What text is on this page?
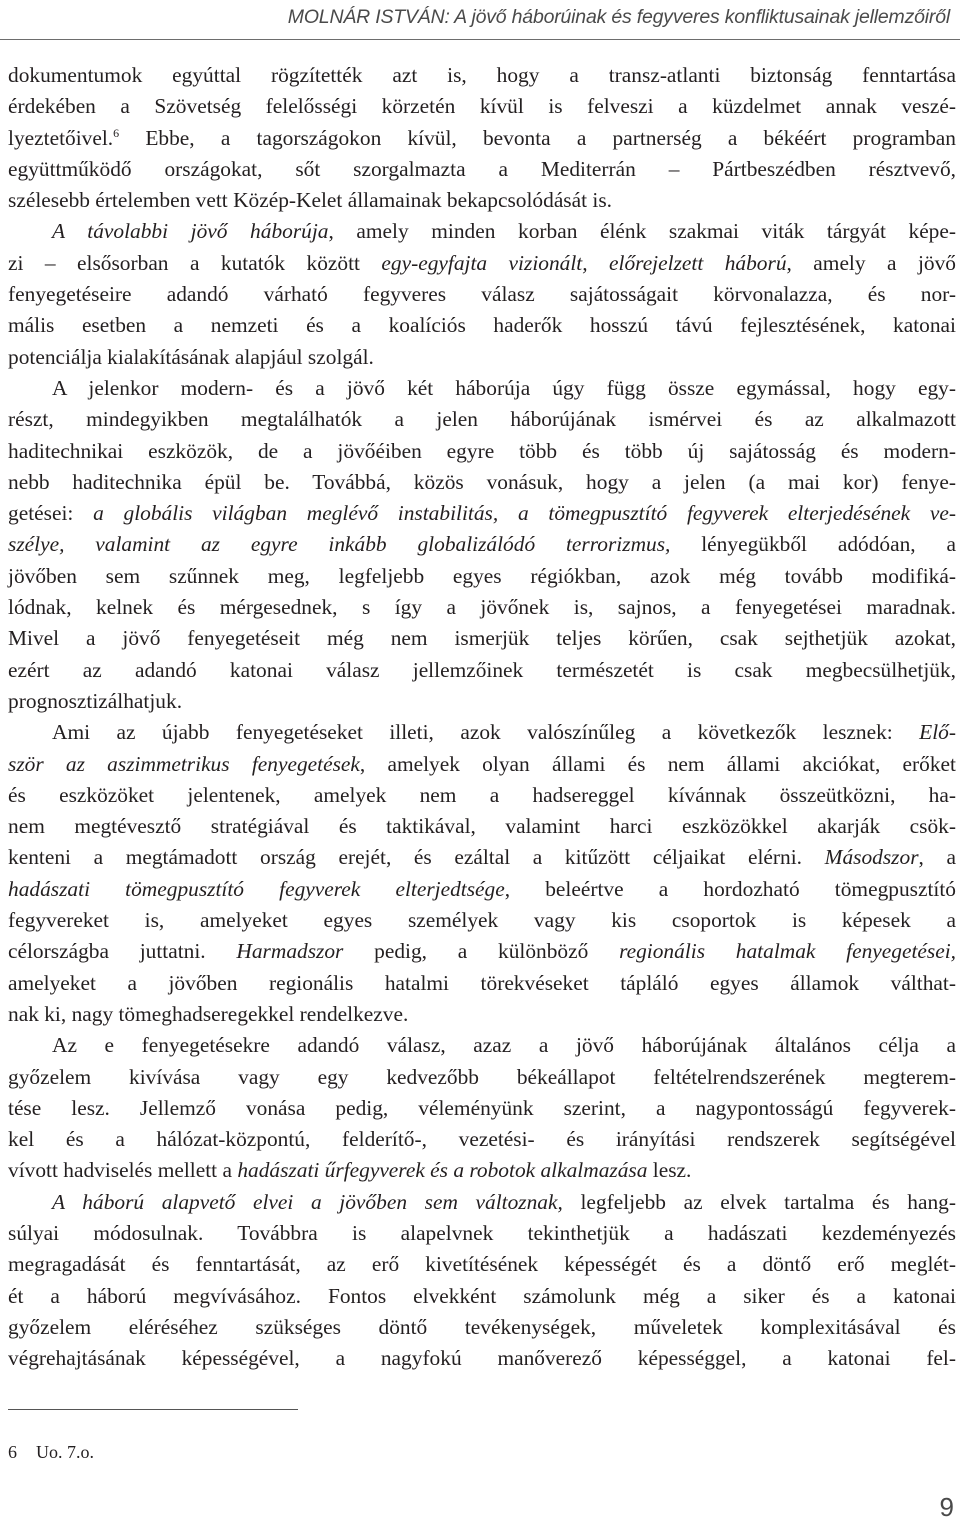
MOLNÁR ISTVÁN: A jövő háborúinak és fegyveres konfliktusainak jellemzőiről
dokumentumok egyúttal rögzítették azt is, hogy a transz-atlanti biztonság fenntartása
érdekében a Szövetség felelősségi körzetén kívül is felveszi a küzdelmet annak veszé-
lyeztetőivel.$^6$ Ebbe, a tagországokon kívül, bevonta a partnerség a békéért programban
együttműködő országokat, sőt szorgalmazta a Mediterrán – Pártbeszédben résztvevő,
szélesebb értelemben vett Közép-Kelet államainak bekapcsolódását is.
A távolabbi jövő háborúja, amely minden korban élénk szakmai viták tárgyát képe-
zi – elsősorban a kutatók között egy-egyfajta vizionált, előrejelzett háború, amely a jövő
fenyegetéseire adandó várható fegyveres válasz sajátosságait körvonalazza, és nor-
mális esetben a nemzeti és a koalíciós haderők hosszú távú fejlesztésének, katonai
potenciálja kialakításának alapjául szolgál.
A jelenkor modern- és a jövő két háborúja úgy függ össze egymással, hogy egy-
részt, mindegyikben megtalálhatók a jelen háborújának ismérvei és az alkalmazott
haditechnikai eszközök, de a jövőéiben egyre több és több új sajátosság és modern-
nebb haditechnika épül be. Továbbá, közös vonásuk, hogy a jelen (a mai kor) fenye-
getései: a globális világban meglévő instabilitás, a tömegpusztító fegyverek elterjedésének ve-
szélye, valamint az egyre inkább globalizálódó terrorizmus, lényegükből adódóan, a
jövőben sem szűnnek meg, legfeljebb egyes régiókban, azok még tovább modifiká-
lódnak, kelnek és mérgesednek, s így a jövőnek is, sajnos, a fenyegetései maradnak.
Mivel a jövő fenyegetéseit még nem ismerjük teljes körűen, csak sejthetjük azokat,
ezért az adandó katonai válasz jellemzőinek természetét is csak megbecsülhetjük,
prognosztizálhatjuk.
Ami az újabb fenyegetéseket illeti, azok valószínűleg a következők lesznek: Elő-
ször az aszimmetrikus fenyegetések, amelyek olyan állami és nem állami akciókat, erőket
és eszközöket jelentenek, amelyek nem a hadsereggel kívánnak összeütközni, ha-
nem megtévesztő stratégiával és taktikával, valamint harci eszközökkel akarják csök-
kenteni a megtámadott ország erejét, és ezáltal a kitűzött céljaikat elérni. Másodszor, a
hadászati tömegpusztító fegyverek elterjedtsége, beleértve a hordozható tömegpusztító
fegyvereket is, amelyeket egyes személyek vagy kis csoportok is képesek a
célországba juttatni. Harmadszor pedig, a különböző regionális hatalmak fenyegetései,
amelyeket a jövőben regionális hatalmi törekvéseket tápláló egyes államok válthat-
nak ki, nagy tömeghadseregekkel rendelkezve.
Az e fenyegetésekre adandó válasz, azaz a jövő háborújának általános célja a
győzelem kivívása vagy egy kedvezőbb békeállapot feltételrendszerének megterem-
tése lesz. Jellemző vonása pedig, véleményünk szerint, a nagypontosságú fegyverek-
kel és a hálózat-központú, felderítő-, vezetési- és irányítási rendszerek segítségével
vívott hadviselés mellett a hadászati űrfegyverek és a robotok alkalmazása lesz.
A háború alapvető elvei a jövőben sem változnak, legfeljebb az elvek tartalma és hang-
súlyai módosulnak. Továbbra is alapelvnek tekinthetjük a hadászati kezdeményezés
megragadását és fenntartását, az erő kivetítésének képességét és a döntő erő meglét-
ét a háború megvívásához. Fontos elvekként számolunk még a siker és a katonai
győzelem eléréséhez szükséges döntő tevékenységek, műveletek komplexitásával és
végrehajtásának képességével, a nagyfokú manőverező képességgel, a katonai fel-
6 Uo. 7.o.
9
